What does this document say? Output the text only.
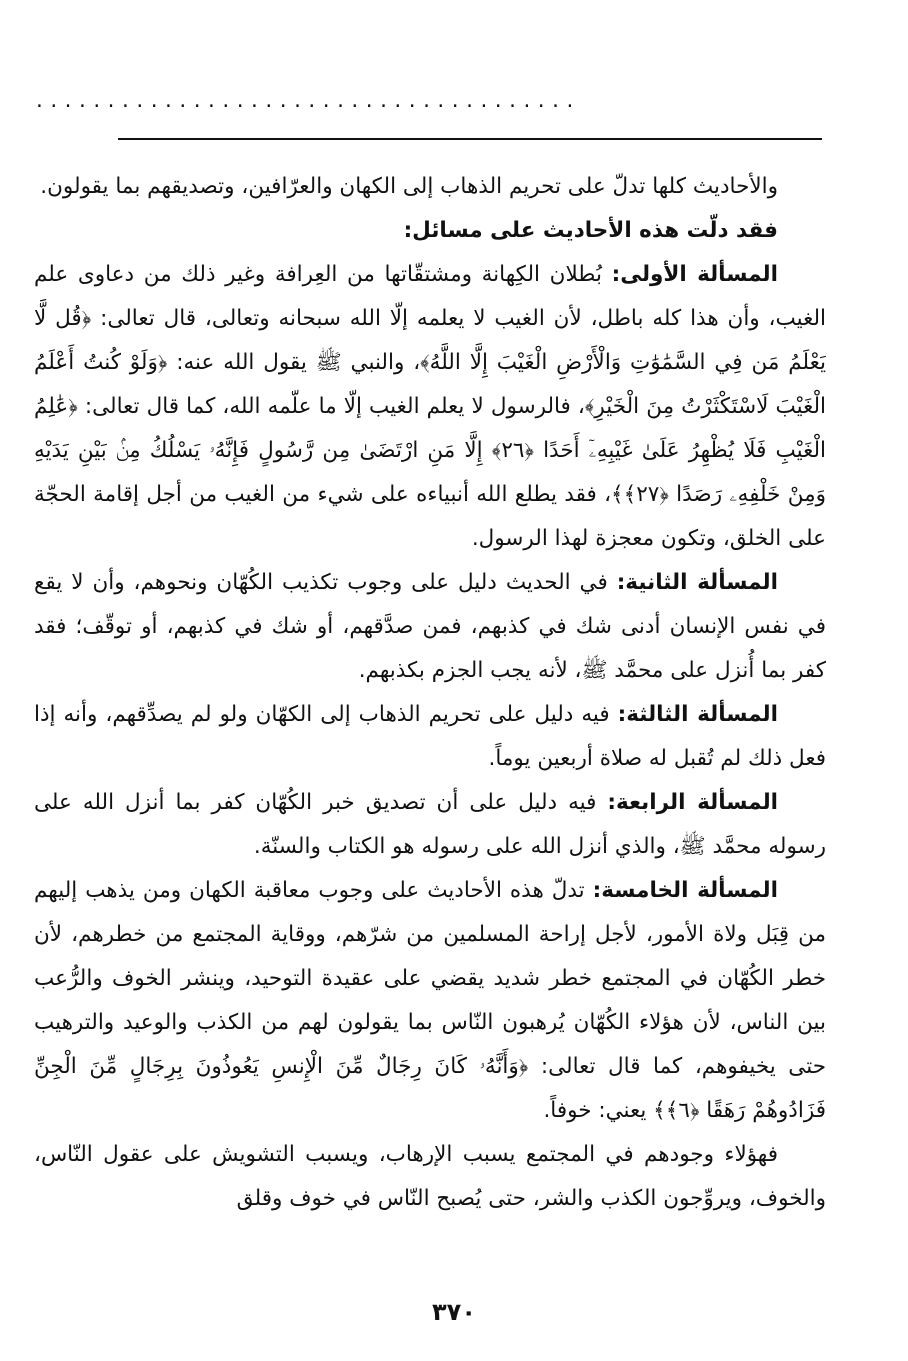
......................................

والأحاديث كلها تدلّ على تحريم الذهاب إلى الكهان والعرّافين، وتصديقهم بما يقولون.

فقد دلّت هذه الأحاديث على مسائل:

المسألة الأولى: بُطلان الكِهانة ومشتقّاتها من العِرافة وغير ذلك من دعاوى علم الغيب، وأن هذا كله باطل، لأن الغيب لا يعلمه إلّا الله سبحانه وتعالى، قال تعالى: ﴿قُل لَّا يَعْلَمُ مَن فِي السَّمَٰوَٰتِ وَالْأَرْضِ الْغَيْبَ إِلَّا اللَّهُ﴾، والنبي ﷺ يقول الله عنه: ﴿وَلَوْ كُنتُ أَعْلَمُ الْغَيْبَ لَاسْتَكْثَرْتُ مِنَ الْخَيْرِ﴾، فالرسول لا يعلم الغيب إلّا ما علّمه الله، كما قال تعالى: ﴿عَٰلِمُ الْغَيْبِ فَلَا يُظْهِرُ عَلَىٰ غَيْبِهِۦٓ أَحَدًا ﴿٢٦﴾ إِلَّا مَنِ ارْتَضَىٰ مِن رَّسُولٍ فَإِنَّهُۥ يَسْلُكُ مِنۢ بَيْنِ يَدَيْهِ وَمِنْ خَلْفِهِۦ رَصَدًا ﴿٢٧﴾﴾، فقد يطلع الله أنبياءه على شيء من الغيب من أجل إقامة الحجّة على الخلق، وتكون معجزة لهذا الرسول.

المسألة الثانية: في الحديث دليل على وجوب تكذيب الكُهّان ونحوهم، وأن لا يقع في نفس الإنسان أدنى شك في كذبهم، فمن صدَّقهم، أو شك في كذبهم، أو توقّف؛ فقد كفر بما أُنزل على محمَّد ﷺ، لأنه يجب الجزم بكذبهم.

المسألة الثالثة: فيه دليل على تحريم الذهاب إلى الكهّان ولو لم يصدِّقهم، وأنه إذا فعل ذلك لم تُقبل له صلاة أربعين يوماً.

المسألة الرابعة: فيه دليل على أن تصديق خبر الكُهّان كفر بما أنزل الله على رسوله محمَّد ﷺ، والذي أنزل الله على رسوله هو الكتاب والسنّة.

المسألة الخامسة: تدلّ هذه الأحاديث على وجوب معاقبة الكهان ومن يذهب إليهم من قِبَل ولاة الأمور، لأجل إراحة المسلمين من شرّهم، ووقاية المجتمع من خطرهم، لأن خطر الكُهّان في المجتمع خطر شديد يقضي على عقيدة التوحيد، وينشر الخوف والرُّعب بين الناس، لأن هؤلاء الكُهّان يُرهبون النّاس بما يقولون لهم من الكذب والوعيد والترهيب حتى يخيفوهم، كما قال تعالى: ﴿وَأَنَّهُۥ كَانَ رِجَالٌ مِّنَ الْإِنسِ يَعُوذُونَ بِرِجَالٍ مِّنَ الْجِنِّ فَزَادُوهُمْ رَهَقًا ﴿٦﴾﴾ يعني: خوفاً.

فهؤلاء وجودهم في المجتمع يسبب الإرهاب، ويسبب التشويش على عقول النّاس، والخوف، ويروِّجون الكذب والشر، حتى يُصبح النّاس في خوف وقلق

٣٧٠
